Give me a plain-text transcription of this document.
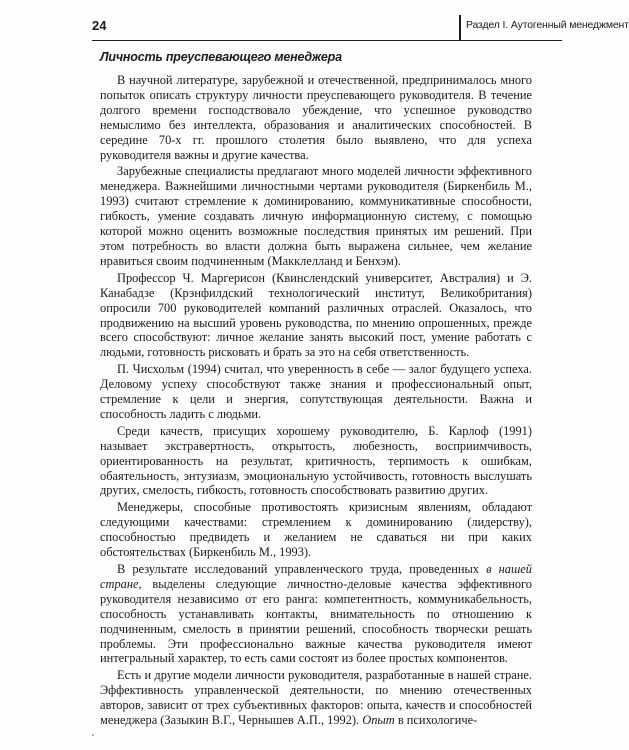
24	Раздел I. Аутогенный менеджмент
Личность преуспевающего менеджера

В научной литературе, зарубежной и отечественной, предпринималось много попыток описать структуру личности преуспевающего руководителя. В течение долгого времени господствовало убеждение, что успешное руководство немыслимо без интеллекта, образования и аналитических способностей. В середине 70-х гг. прошлого столетия было выявлено, что для успеха руководителя важны и другие качества.

Зарубежные специалисты предлагают много моделей личности эффективного менеджера. Важнейшими личностными чертами руководителя (Биркенбиль М., 1993) считают стремление к доминированию, коммуникативные способности, гибкость, умение создавать личную информационную систему, с помощью которой можно оценить возможные последствия принятых им решений. При этом потребность во власти должна быть выражена сильнее, чем желание нравиться своим подчиненным (Макклелланд и Бенхэм).

Профессор Ч. Маргерисон (Квинслендский университет, Австралия) и Э. Канабадзе (Крэнфилдский технологический институт, Великобритания) опросили 700 руководителей компаний различных отраслей. Оказалось, что продвижению на высший уровень руководства, по мнению опрошенных, прежде всего способствуют: личное желание занять высокий пост, умение работать с людьми, готовность рисковать и брать за это на себя ответственность.

П. Чисхольм (1994) считал, что уверенность в себе — залог будущего успеха. Деловому успеху способствуют также знания и профессиональный опыт, стремление к цели и энергия, сопутствующая деятельности. Важна и способность ладить с людьми.

Среди качеств, присущих хорошему руководителю, Б. Карлоф (1991) называет экстравертность, открытость, любезность, восприимчивость, ориентированность на результат, критичность, терпимость к ошибкам, обаятельность, энтузиазм, эмоциональную устойчивость, готовность выслушать других, смелость, гибкость, готовность способствовать развитию других.

Менеджеры, способные противостоять кризисным явлениям, обладают следующими качествами: стремлением к доминированию (лидерству), способностью предвидеть и желанием не сдаваться ни при каких обстоятельствах (Биркенбиль М., 1993).

В результате исследований управленческого труда, проведенных в нашей стране, выделены следующие личностно-деловые качества эффективного руководителя независимо от его ранга: компетентность, коммуникабельность, способность устанавливать контакты, внимательность по отношению к подчиненным, смелость в принятии решений, способность творчески решать проблемы. Эти профессионально важные качества руководителя имеют интегральный характер, то есть сами состоят из более простых компонентов.

Есть и другие модели личности руководителя, разработанные в нашей стране. Эффективность управленческой деятельности, по мнению отечественных авторов, зависит от трех субъективных факторов: опыта, качеств и способностей менеджера (Зазыкин В.Г., Чернышев А.П., 1992). Опыт в психологиче-
